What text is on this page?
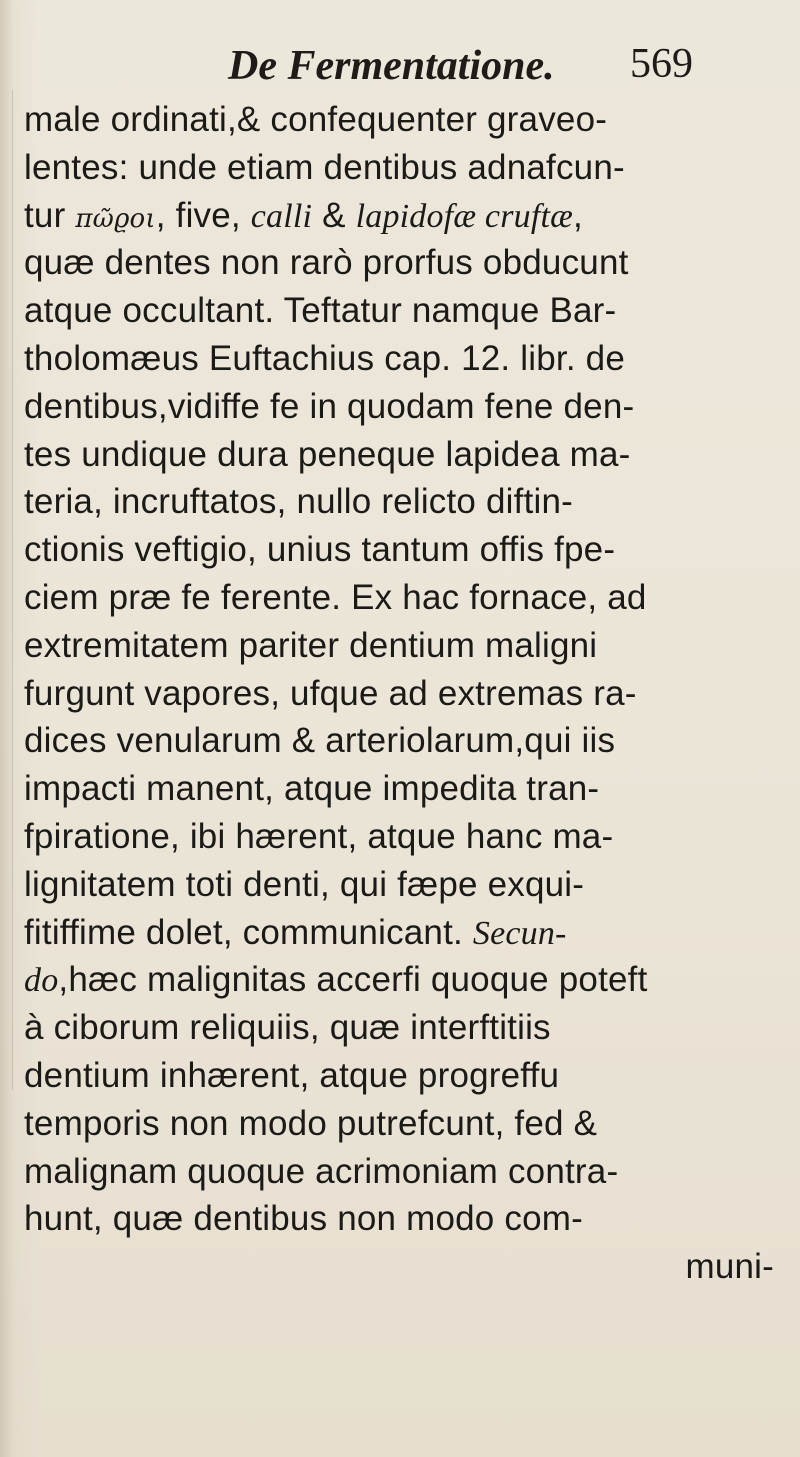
De Fermentatione. 569
male ordinati,& confequenter graveo-
lentes: unde etiam dentibus adnafcun-
tur πῶϱοι, five, calli & lapidofæ cruftæ,
quæ dentes non rarò prorfus obducunt
atque occultant. Teftatur namque Bar-
tholomæus Euftachius cap. 12. libr. de
dentibus,vidiffe fe in quodam fene den-
tes undique dura peneque lapidea ma-
teria, incruftatos, nullo relicto diftin-
ctionis veftigio, unius tantum offis fpe-
ciem præ fe ferente. Ex hac fornace, ad
extremitatem pariter dentium maligni
furgunt vapores, ufque ad extremas ra-
dices venularum & arteriolarum,qui iis
impacti manent, atque impedita tran-
fpiratione, ibi hærent, atque hanc ma-
lignitatem toti denti, qui fæpe exqui-
fitiffime dolet, communicant. Secun-
do,hæc malignitas accerfi quoque poteft
à ciborum reliquiis, quæ interftitiis
dentium inhærent, atque progreffu
temporis non modo putrefcunt, fed &
malignam quoque acrimoniam contra-
hunt, quæ dentibus non modo com-
muni-
